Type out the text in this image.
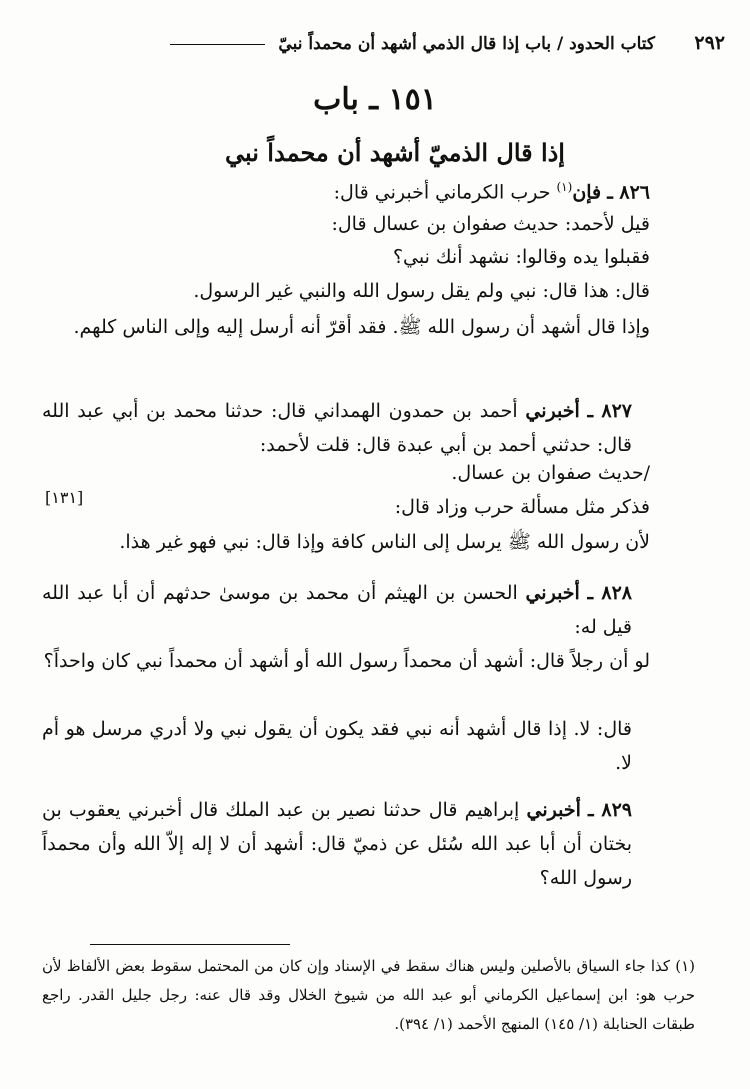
٢٩٢
كتاب الحدود / باب إذا قال الذمي أشهد أن محمداً نبيّ
١٥١ ـ باب
إذا قال الذميّ أشهد أن محمداً نبي
٨٢٦ ـ فإن$^{(١)}$ حرب الكرماني أخبرني قال:
قيل لأحمد: حديث صفوان بن عسال قال:
فقبلوا يده وقالوا: نشهد أنك نبي؟
قال: هذا قال: نبي ولم يقل رسول الله والنبي غير الرسول.
وإذا قال أشهد أن رسول الله ﷺ. فقد أقرّ أنه أرسل إليه وإلى الناس كلهم.
٨٢٧ ـ أخبرني أحمد بن حمدون الهمداني قال: حدثنا محمد بن أبي عبد الله قال: حدثني أحمد بن أبي عبدة قال: قلت لأحمد:
/حديث صفوان بن عسال.
[١٣١]	فذكر مثل مسألة حرب وزاد قال:
لأن رسول الله ﷺ يرسل إلى الناس كافة وإذا قال: نبي فهو غير هذا.
٨٢٨ ـ أخبرني الحسن بن الهيثم أن محمد بن موسىٰ حدثهم أن أبا عبد الله قيل له:
لو أن رجلاً قال: أشهد أن محمداً رسول الله أو أشهد أن محمداً نبي كان واحداً؟
قال: لا. إذا قال أشهد أنه نبي فقد يكون أن يقول نبي ولا أدري مرسل هو أم لا.
٨٢٩ ـ أخبرني إبراهيم قال حدثنا نصير بن عبد الملك قال أخبرني يعقوب بن بختان أن أبا عبد الله سُئل عن ذميّ قال: أشهد أن لا إله إلاّ الله وأن محمداً رسول الله؟
(١) كذا جاء السياق بالأصلين وليس هناك سقط في الإسناد وإن كان من المحتمل سقوط بعض الألفاظ لأن حرب هو: ابن إسماعيل الكرماني أبو عبد الله من شيوخ الخلال وقد قال عنه: رجل جليل القدر. راجع طبقات الحنابلة (١/ ١٤٥) المنهج الأحمد (١/ ٣٩٤).
